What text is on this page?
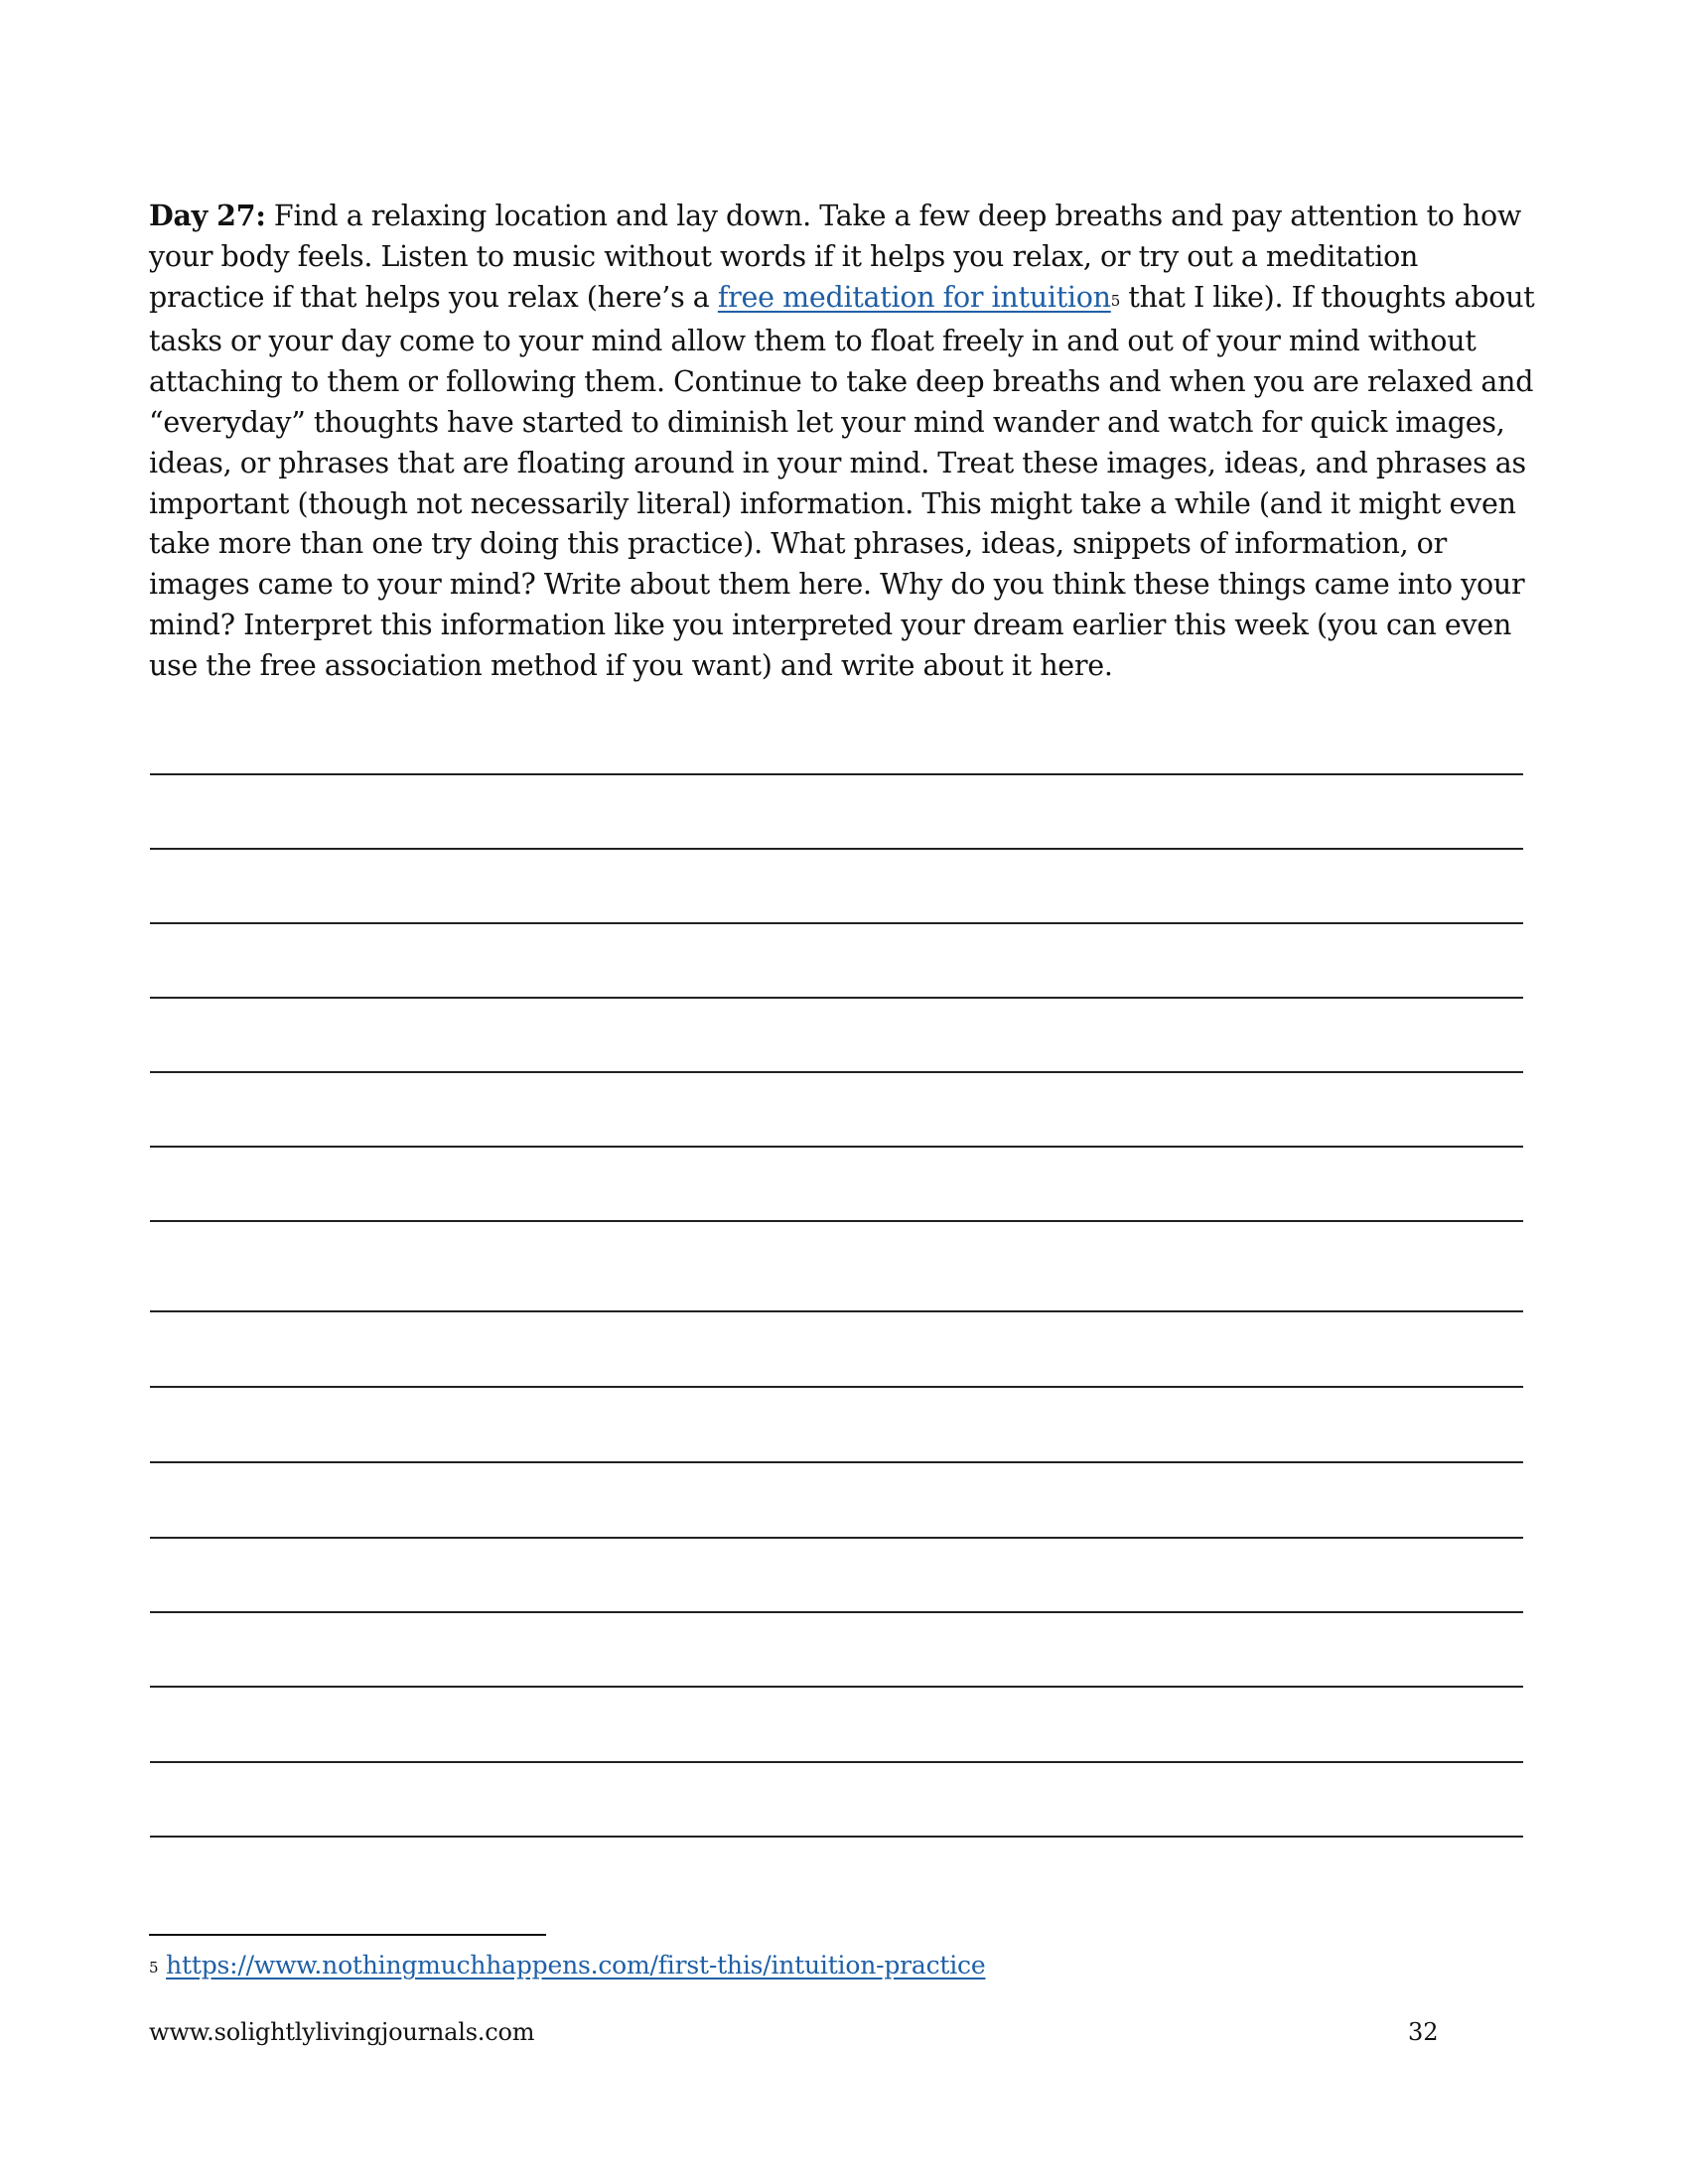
Day 27: Find a relaxing location and lay down. Take a few deep breaths and pay attention to how your body feels. Listen to music without words if it helps you relax, or try out a meditation practice if that helps you relax (here’s a free meditation for intuition$^5$ that I like). If thoughts about tasks or your day come to your mind allow them to float freely in and out of your mind without attaching to them or following them. Continue to take deep breaths and when you are relaxed and “everyday” thoughts have started to diminish let your mind wander and watch for quick images, ideas, or phrases that are floating around in your mind. Treat these images, ideas, and phrases as important (though not necessarily literal) information. This might take a while (and it might even take more than one try doing this practice). What phrases, ideas, snippets of information, or images came to your mind? Write about them here. Why do you think these things came into your mind? Interpret this information like you interpreted your dream earlier this week (you can even use the free association method if you want) and write about it here.

$^5$ https://www.nothingmuchhappens.com/first-this/intuition-practice
www.solightlylivingjournals.com	32
